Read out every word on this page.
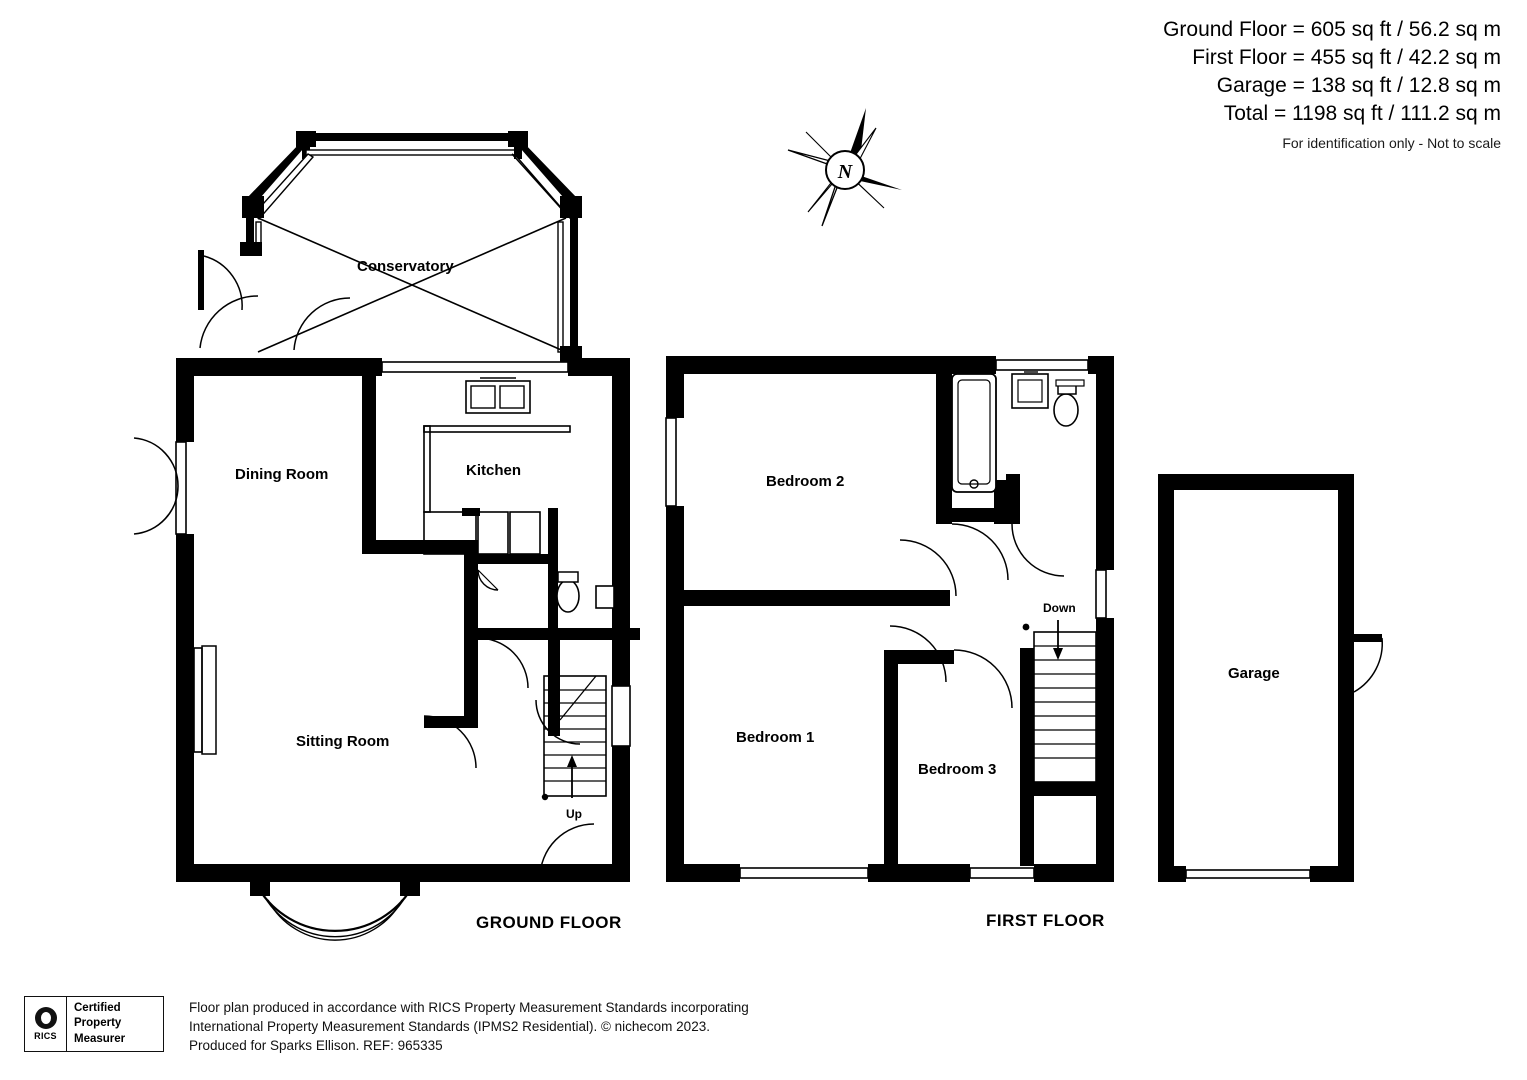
N
Ground Floor = 605 sq ft / 56.2 sq m
First Floor = 455 sq ft / 42.2 sq m
Garage = 138 sq ft / 12.8 sq m
Total = 1198 sq ft / 111.2 sq m
For identification only - Not to scale
Conservatory
Dining Room	Kitchen
Sitting Room	Bedroom 1
Bedroom 2
Bedroom 3
Garage
Up
Down
GROUND FLOOR	FIRST FLOOR
RICS
Certified
Property
Measurer
Floor plan produced in accordance with RICS Property Measurement Standards incorporating
International Property Measurement Standards (IPMS2 Residential). © nichecom 2023.
Produced for Sparks Ellison. REF: 965335
